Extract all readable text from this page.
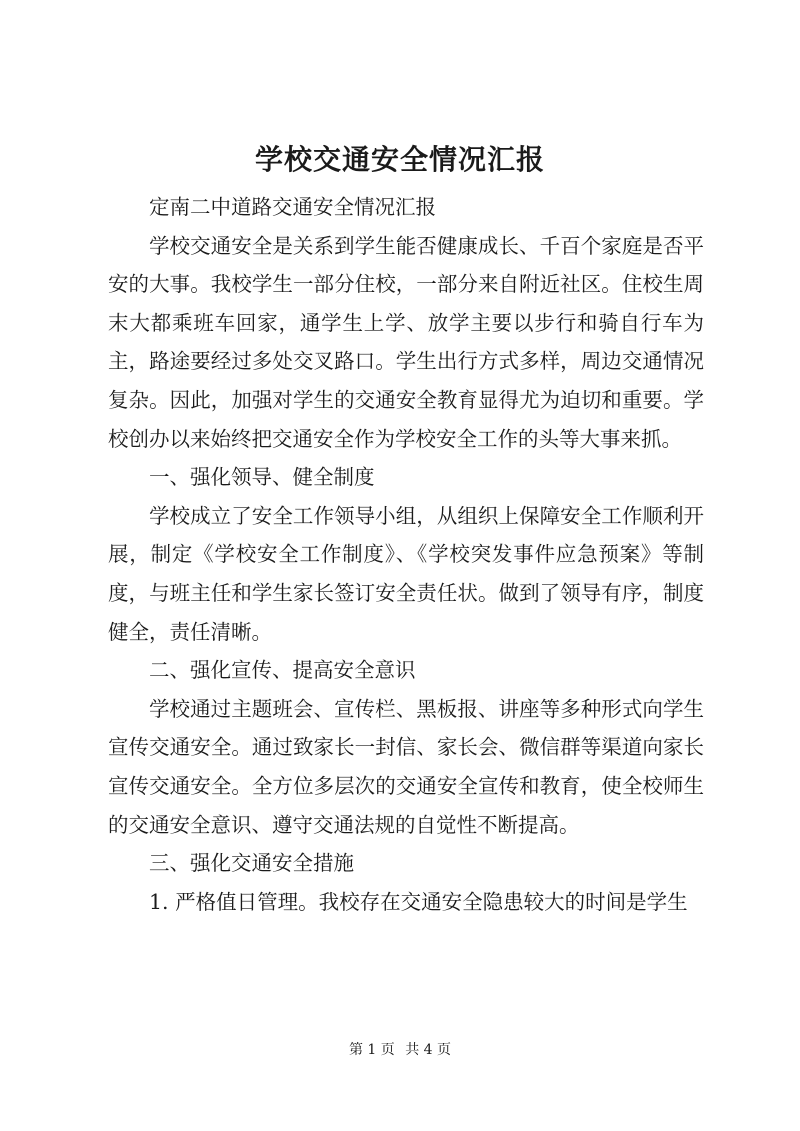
学校交通安全情况汇报

定南二中道路交通安全情况汇报

学校交通安全是关系到学生能否健康成长、千百个家庭是否平安的大事。我校学生一部分住校，一部分来自附近社区。住校生周末大都乘班车回家，通学生上学、放学主要以步行和骑自行车为主，路途要经过多处交叉路口。学生出行方式多样，周边交通情况复杂。因此，加强对学生的交通安全教育显得尤为迫切和重要。学校创办以来始终把交通安全作为学校安全工作的头等大事来抓。

一、强化领导、健全制度

学校成立了安全工作领导小组，从组织上保障安全工作顺利开展，制定《学校安全工作制度》、《学校突发事件应急预案》等制度，与班主任和学生家长签订安全责任状。做到了领导有序，制度健全，责任清晰。

二、强化宣传、提高安全意识

学校通过主题班会、宣传栏、黑板报、讲座等多种形式向学生宣传交通安全。通过致家长一封信、家长会、微信群等渠道向家长宣传交通安全。全方位多层次的交通安全宣传和教育，使全校师生的交通安全意识、遵守交通法规的自觉性不断提高。

三、强化交通安全措施

1. 严格值日管理。我校存在交通安全隐患较大的时间是学生

第 1 页 共 4 页
